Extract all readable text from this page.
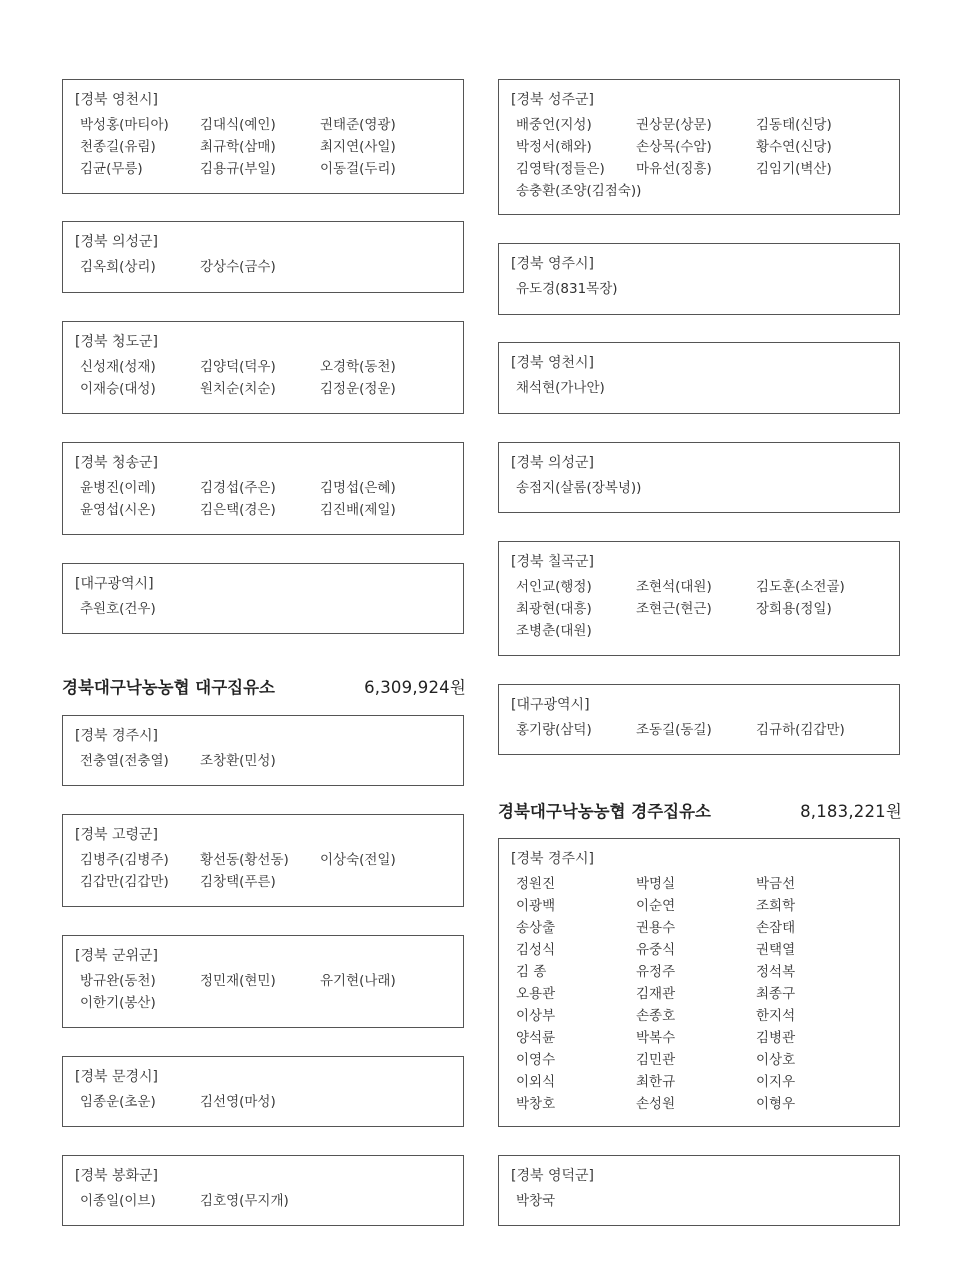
[경북 영천시]
박성홍(마티아)	김대식(예인)	권태준(영광)
천종길(유림)	최규학(삼매)	최지연(사일)
김균(무릉)	김용규(부일)	이동걸(두리)
[경북 의성군]
김옥희(상리)	강상수(금수)
[경북 청도군]
신성재(성재)	김양덕(덕우)	오경학(동천)
이재승(대성)	원치순(치순)	김정운(정운)
[경북 청송군]
윤병진(이레)	김경섭(주은)	김명섭(은혜)
윤영섭(시온)	김은택(경은)	김진배(제일)
[대구광역시]
추원호(건우)
경북대구낙농농협 대구집유소	6,309,924원
[경북 경주시]
전충열(전충열)	조창환(민성)
[경북 고령군]
김병주(김병주)	황선동(황선동)	이상숙(전일)
김갑만(김갑만)	김창택(푸른)
[경북 군위군]
방규완(동천)	정민재(현민)	유기현(나래)
이한기(봉산)
[경북 문경시]
임종운(초운)	김선영(마성)
[경북 봉화군]
이종일(이브)	김호영(무지개)
[경북 성주군]
배중언(지성)	권상문(상문)	김동태(신당)
박정서(해와)	손상목(수암)	황수연(신당)
김영탁(정들은)	마유선(징흥)	김임기(벽산)
송충환(조양(김점숙))
[경북 영주시]
유도경(831목장)
[경북 영천시]
채석현(가나안)
[경북 의성군]
송점지(살롬(장복녕))
[경북 칠곡군]
서인교(행정)	조현석(대원)	김도훈(소전골)
최광현(대흥)	조현근(현근)	장희용(정일)
조병춘(대원)
[대구광역시]
홍기량(삼덕)	조동길(동길)	김규하(김갑만)
경북대구낙농농협 경주집유소	8,183,221원
[경북 경주시]
정원진	박명실	박금선
이광백	이순연	조희학
송상출	권용수	손잠태
김성식	유중식	권택열
김 종	유정주	정석복
오용관	김재관	최종구
이상부	손종호	한지석
양석륜	박복수	김병관
이영수	김민관	이상호
이외식	최한규	이지우
박창호	손성원	이형우
[경북 영덕군]
박창국
